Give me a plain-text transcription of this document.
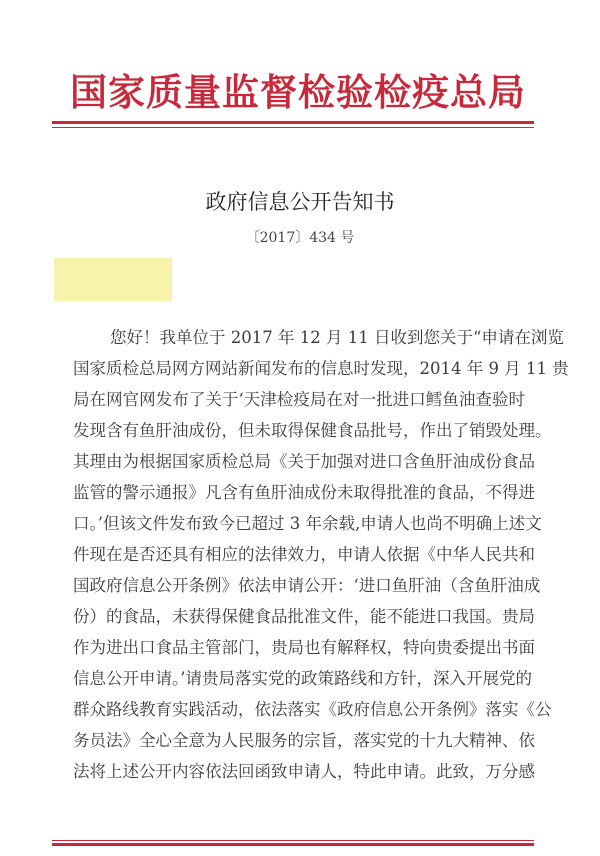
国家质量监督检验检疫总局
政府信息公开告知书
〔2017〕434 号
您好！我单位于 2017 年 12 月 11 日收到您关于“申请在浏览
国家质检总局网方网站新闻发布的信息时发现，2014 年 9 月 11 贵
局在网官网发布了关于‘天津检疫局在对一批进口鳕鱼油查验时
发现含有鱼肝油成份，但未取得保健食品批号，作出了销毁处理。
其理由为根据国家质检总局《关于加强对进口含鱼肝油成份食品
监管的警示通报》凡含有鱼肝油成份未取得批准的食品，不得进
口。’但该文件发布致今已超过 3 年余载,申请人也尚不明确上述文
件现在是否还具有相应的法律效力，申请人依据《中华人民共和
国政府信息公开条例》依法申请公开：‘进口鱼肝油（含鱼肝油成
份）的食品，未获得保健食品批准文件，能不能进口我国。贵局
作为进出口食品主管部门，贵局也有解释权，特向贵委提出书面
信息公开申请。’请贵局落实党的政策路线和方针，深入开展党的
群众路线教育实践活动，依法落实《政府信息公开条例》落实《公
务员法》全心全意为人民服务的宗旨，落实党的十九大精神、依
法将上述公开内容依法回函致申请人，特此申请。此致，万分感
